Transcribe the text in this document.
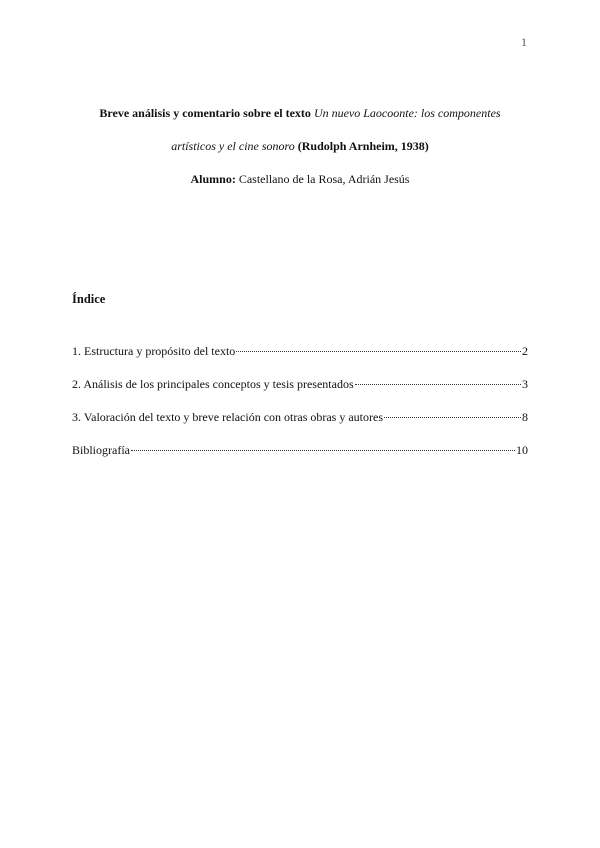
1
Breve análisis y comentario sobre el texto Un nuevo Laocoonte: los componentes
artísticos y el cine sonoro (Rudolph Arnheim, 1938)
Alumno: Castellano de la Rosa, Adrián Jesús
Índice
1. Estructura y propósito del texto	2
2. Análisis de los principales conceptos y tesis presentados	3
3. Valoración del texto y breve relación con otras obras y autores	8
Bibliografía	10
